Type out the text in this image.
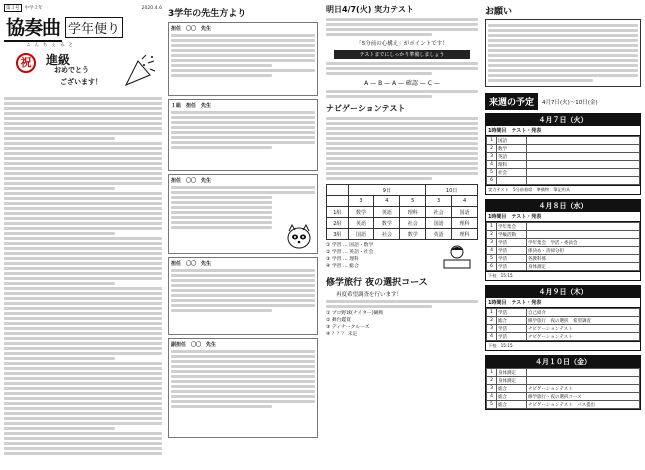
第３号	中学３年	2020.4.6
協奏曲 学年便り
こんちぇると
祝	進級
おめでとう
ございます！
3学年の先生方より
担任　〇〇　先生
１組　担任　先生
担任　〇〇　先生
担任　〇〇　先生
副担任　〇〇　先生
明日4/7(火) 実力テスト
「5分前の心構え」がポイントです！
テストまでにしっかり準備しましょう
A — B — A — 確認 — C —
ナビゲーションテスト
	9日			10日	
	3	4	5	3	4
1組	数学	英語	理科	社会	国語
2組	英語	数学	社会	国語	理科
3組	国語	社会	数学	英語	理科
① 学習 … 国語・数学
② 学習 … 英語・社会
③ 学習 … 理科
④ 学習 … 総合
修学旅行 夜の選択コース
再度希望調査を行います！
① プロ野球(ナイター)観戦
② 舞台鑑賞
③ ディナークルーズ
④ ？？？ 未定
お願い
来週の予定	4月7日(火)〜10日(金)
４月７日（火）
1時間目　テスト・発表
1	国語	
2	数学	
3	英語	
4	理科	
5	社会	
6		
実力テスト　5分前着席　準備物：筆記用具
４月８日（水）
1時間目　テスト・発表
1	学年集会	
2	学級活動	
3	学活	学年集会　学活・委員会
4	学活	係決め・清掃分担
5	学活	各教科係
6	学活	身体測定
下校　15:15
４月９日（木）
1時間目　テスト・発表
1	学活	自己紹介
2	総合	修学旅行　夜の選択　希望調査
3	学活	ナビゲーションテスト
4	学活	ナビゲーションテスト
下校　15:15
４月１０日（金）
1	身体測定	
2	身体測定	
3	総合	ナビゲーションテスト
4	総合	修学旅行・夜の選択コース
5	総合	ナビゲーションテスト　パス提出
